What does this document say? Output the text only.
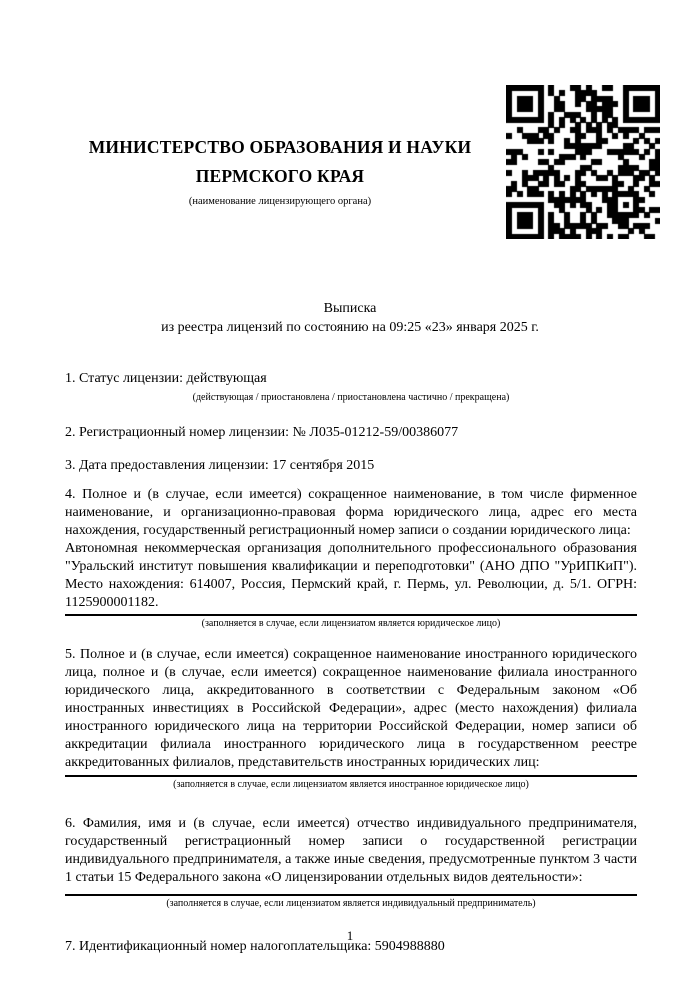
МИНИСТЕРСТВО ОБРАЗОВАНИЯ И НАУКИ
ПЕРМСКОГО КРАЯ
(наименование лицензирующего органа)
Выписка
из реестра лицензий по состоянию на 09:25 «23» января 2025 г.
1. Статус лицензии: действующая
(действующая / приостановлена / приостановлена частично / прекращена)
2. Регистрационный номер лицензии: № Л035-01212-59/00386077
3. Дата предоставления лицензии: 17 сентября 2015
4. Полное и (в случае, если имеется) сокращенное наименование, в том числе фирменное наименование, и организационно-правовая форма юридического лица, адрес его места нахождения, государственный регистрационный номер записи о создании юридического лица:
Автономная некоммерческая организация дополнительного профессионального образования "Уральский институт повышения квалификации и переподготовки" (АНО ДПО "УрИПКиП"). Место нахождения: 614007, Россия, Пермский край, г. Пермь, ул. Революции, д. 5/1. ОГРН: 1125900001182.
(заполняется в случае, если лицензиатом является юридическое лицо)
5. Полное и (в случае, если имеется) сокращенное наименование иностранного юридического лица, полное и (в случае, если имеется) сокращенное наименование филиала иностранного юридического лица, аккредитованного в соответствии с Федеральным законом «Об иностранных инвестициях в Российской Федерации», адрес (место нахождения) филиала иностранного юридического лица на территории Российской Федерации, номер записи об аккредитации филиала иностранного юридического лица в государственном реестре аккредитованных филиалов, представительств иностранных юридических лиц:
(заполняется в случае, если лицензиатом является иностранное юридическое лицо)
6. Фамилия, имя и (в случае, если имеется) отчество индивидуального предпринимателя, государственный регистрационный номер записи о государственной регистрации индивидуального предпринимателя, а также иные сведения, предусмотренные пунктом 3 части 1 статьи 15 Федерального закона «О лицензировании отдельных видов деятельности»:
(заполняется в случае, если лицензиатом является индивидуальный предприниматель)
7. Идентификационный номер налогоплательщика: 5904988880
1
